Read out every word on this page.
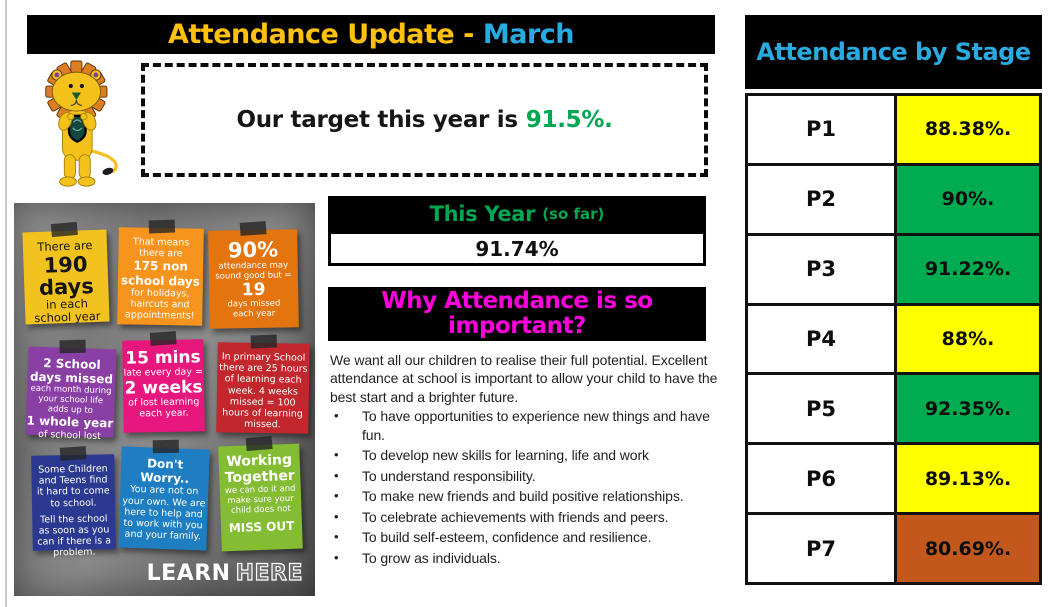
Attendance Update - March
Our target this year is 91.5%.
There are
190
days
in each
school year
That means
there are
175 non
school days
for holidays,
haircuts and
appointments!
90%
attendance may
sound good but =
19
days missed
each year
2 School
days missed
each month during
your school life
adds up to
1 whole year
of school lost
15 mins
late every day =
2 weeks
of lost learning
each year.
In primary School
there are 25 hours
of learning each
week. 4 weeks
missed = 100
hours of learning
missed.
Some Children
and Teens find
it hard to come
to school.
Tell the school
as soon as you
can if there is a
problem.
Don't Worry..
You are not on
your own. We are
here to help and
to work with you
and your family.
Working
Together
we can do it and
make sure your
child does not
MISS OUT
LEARN HERE
This Year (so far)
91.74%
Why Attendance is so
important?

We want all our children to realise their full potential. Excellent attendance at school is important to allow your child to have the best start and a brighter future.

• To have opportunities to experience new things and have fun.
• To develop new skills for learning, life and work
• To understand responsibility.
• To make new friends and build positive relationships.
• To celebrate achievements with friends and peers.
• To build self-esteem, confidence and resilience.
• To grow as individuals.
Attendance by Stage
P1	88.38%.
P2	90%.
P3	91.22%.
P4	88%.
P5	92.35%.
P6	89.13%.
P7	80.69%.
